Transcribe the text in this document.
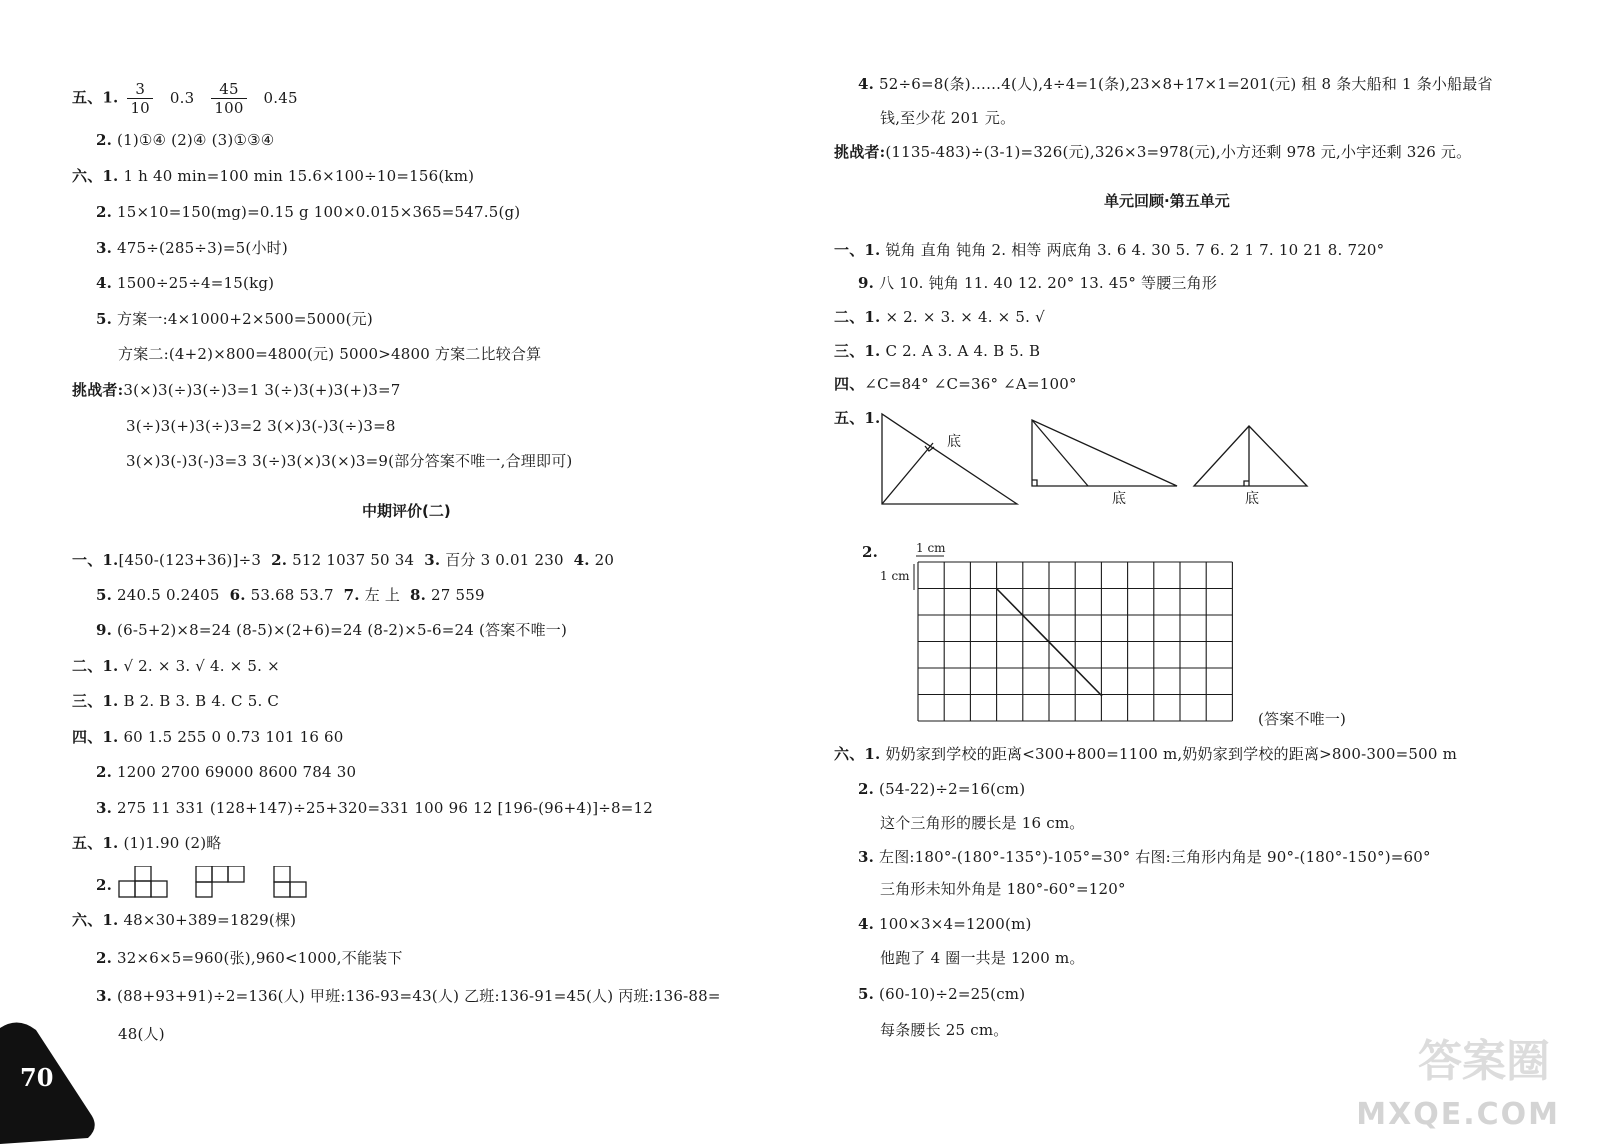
五、1. $\frac{3}{10} 0.3 \frac{45}{100} 0.45$
2. (1)①④ (2)④ (3)①③④
六、1. 1 h 40 min=100 min 15.6×100÷10=156(km)
2. 15×10=150(mg)=0.15 g 100×0.015×365=547.5(g)
3. 475÷(285÷3)=5(小时)
4. 1500÷25÷4=15(kg)
5. 方案一:4×1000+2×500=5000(元)
方案二:(4+2)×800=4800(元) 5000>4800 方案二比较合算
挑战者:3(×)3(÷)3(÷)3=1 3(÷)3(+)3(+)3=7
3(÷)3(+)3(÷)3=2 3(×)3(-)3(÷)3=8
3(×)3(-)3(-)3=3 3(÷)3(×)3(×)3=9(部分答案不唯一,合理即可)
中期评价(二)
一、1.[450-(123+36)]÷3 2. 512 1037 50 34 3. 百分 3 0.01 230 4. 20
5. 240.5 0.2405 6. 53.68 53.7 7. 左 上 8. 27 559
9. (6-5+2)×8=24 (8-5)×(2+6)=24 (8-2)×5-6=24 (答案不唯一)
二、1. √ 2. × 3. √ 4. × 5. ×
三、1. B 2. B 3. B 4. C 5. C
四、1. 60 1.5 255 0 0.73 101 16 60
2. 1200 2700 69000 8600 784 30
3. 275 11 331 (128+147)÷25+320=331 100 96 12 [196-(96+4)]÷8=12
五、1. (1)1.90 (2)略
2.
六、1. 48×30+389=1829(棵)
2. 32×6×5=960(张),960<1000,不能装下
3. (88+93+91)÷2=136(人) 甲班:136-93=43(人) 乙班:136-91=45(人) 丙班:136-88=
48(人)
70
4. 52÷6=8(条)……4(人),4÷4=1(条),23×8+17×1=201(元) 租 8 条大船和 1 条小船最省
钱,至少花 201 元。
挑战者:(1135-483)÷(3-1)=326(元),326×3=978(元),小方还剩 978 元,小宇还剩 326 元。
单元回顾·第五单元
一、1. 锐角 直角 钝角 2. 相等 两底角 3. 6 4. 30 5. 7 6. 2 1 7. 10 21 8. 720°
9. 八 10. 钝角 11. 40 12. 20° 13. 45° 等腰三角形
二、1. × 2. × 3. × 4. × 5. √
三、1. C 2. A 3. A 4. B 5. B
四、∠C=84° ∠C=36° ∠A=100°
五、1.
底
底	底
2.	1 cm
1 cm
(答案不唯一)
六、1. 奶奶家到学校的距离<300+800=1100 m,奶奶家到学校的距离>800-300=500 m
2. (54-22)÷2=16(cm)
这个三角形的腰长是 16 cm。
3. 左图:180°-(180°-135°)-105°=30° 右图:三角形内角是 90°-(180°-150°)=60°
三角形未知外角是 180°-60°=120°
4. 100×3×4=1200(m)
他跑了 4 圈一共是 1200 m。
5. (60-10)÷2=25(cm)
每条腰长 25 cm。
答案圈
MXQE.COM
